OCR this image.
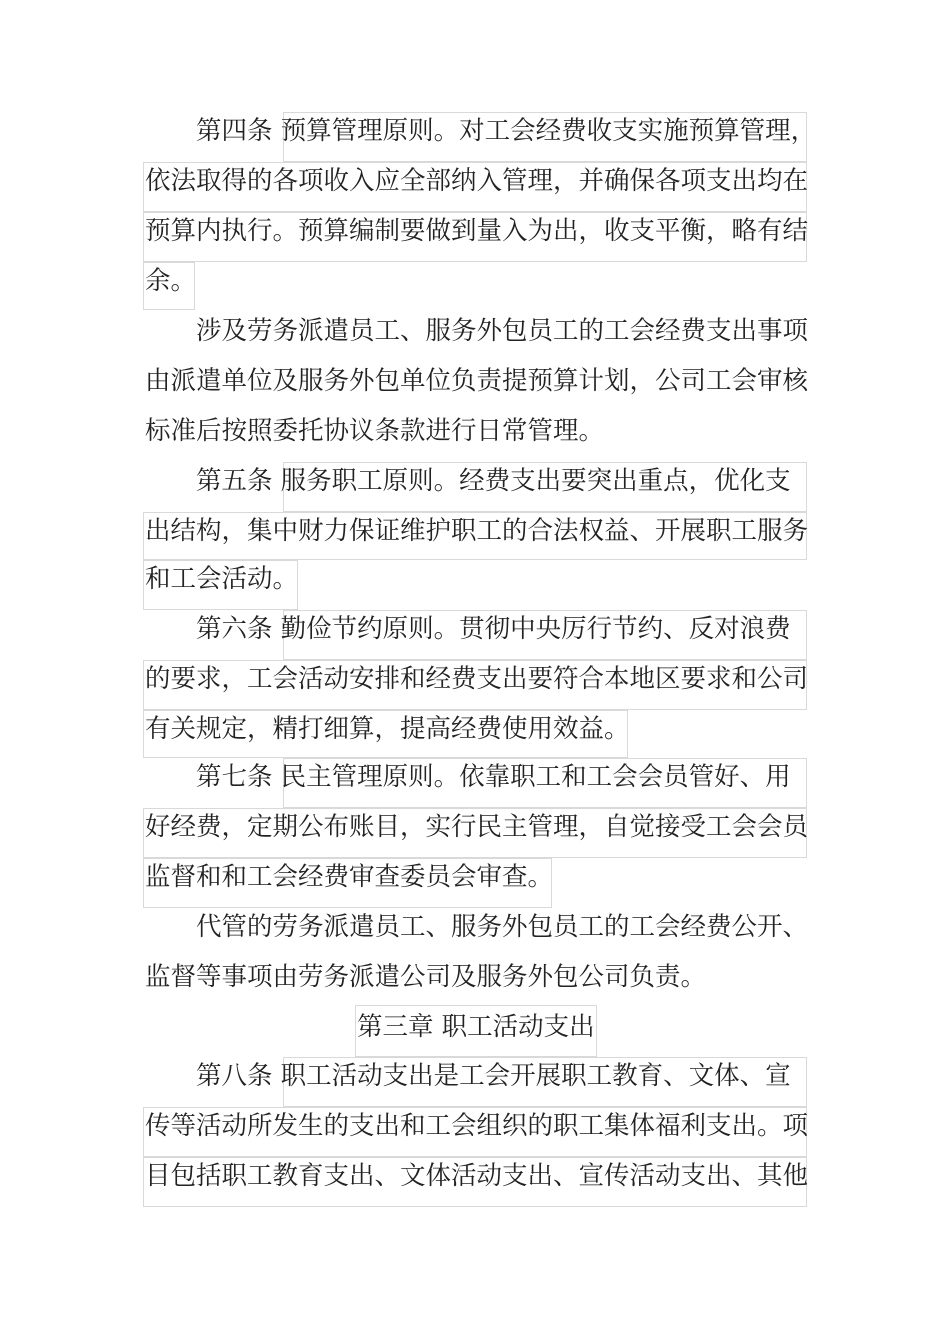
第四条 预算管理原则。对工会经费收支实施预算管理，
依法取得的各项收入应全部纳入管理，并确保各项支出均在
预算内执行。预算编制要做到量入为出，收支平衡，略有结
余。
涉及劳务派遣员工、服务外包员工的工会经费支出事项
由派遣单位及服务外包单位负责提预算计划，公司工会审核
标准后按照委托协议条款进行日常管理。
第五条 服务职工原则。经费支出要突出重点，优化支
出结构，集中财力保证维护职工的合法权益、开展职工服务
和工会活动。
第六条 勤俭节约原则。贯彻中央厉行节约、反对浪费
的要求，工会活动安排和经费支出要符合本地区要求和公司
有关规定，精打细算，提高经费使用效益。
第七条 民主管理原则。依靠职工和工会会员管好、用
好经费，定期公布账目，实行民主管理，自觉接受工会会员
监督和和工会经费审查委员会审查。
代管的劳务派遣员工、服务外包员工的工会经费公开、
监督等事项由劳务派遣公司及服务外包公司负责。
第三章 职工活动支出
第八条 职工活动支出是工会开展职工教育、文体、宣
传等活动所发生的支出和工会组织的职工集体福利支出。项
目包括职工教育支出、文体活动支出、宣传活动支出、其他
